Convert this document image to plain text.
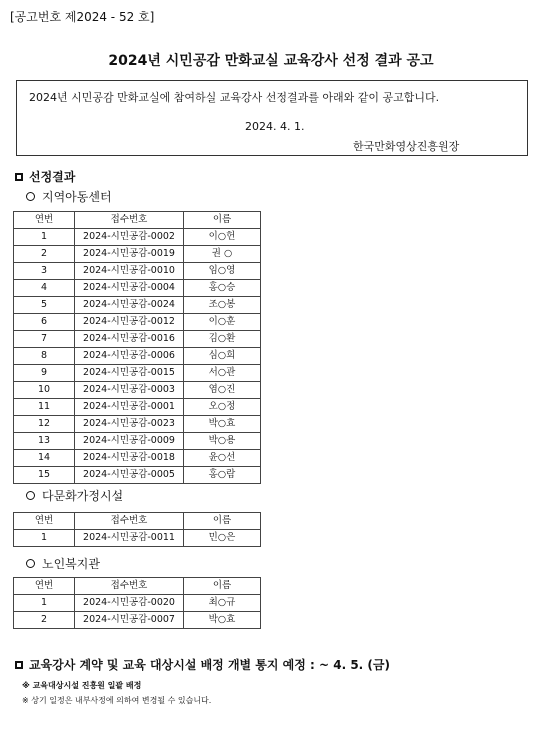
[공고번호 제2024 - 52 호]
2024년 시민공감 만화교실 교육강사 선정 결과 공고
2024년 시민공감 만화교실에 참여하실 교육강사 선정결과를 아래와 같이 공고합니다.
2024. 4. 1.
한국만화영상진흥원장
선정결과
지역아동센터
연번	접수번호	이름
1	2024-시민공감-0002	이○헌
2	2024-시민공감-0019	권 ○
3	2024-시민공감-0010	임○영
4	2024-시민공감-0004	홍○승
5	2024-시민공감-0024	조○봉
6	2024-시민공감-0012	이○훈
7	2024-시민공감-0016	김○환
8	2024-시민공감-0006	심○희
9	2024-시민공감-0015	서○관
10	2024-시민공감-0003	염○진
11	2024-시민공감-0001	오○정
12	2024-시민공감-0023	박○효
13	2024-시민공감-0009	박○용
14	2024-시민공감-0018	윤○선
15	2024-시민공감-0005	홍○람
다문화가정시설
연번	접수번호	이름
1	2024-시민공감-0011	민○은
노인복지관
연번	접수번호	이름
1	2024-시민공감-0020	최○규
2	2024-시민공감-0007	박○효
교육강사 계약 및 교육 대상시설 배정 개별 통지 예정 : ~ 4. 5. (금)
※ 교육대상시설 진흥원 일괄 배정
※ 상기 일정은 내부사정에 의하여 변경될 수 있습니다.
